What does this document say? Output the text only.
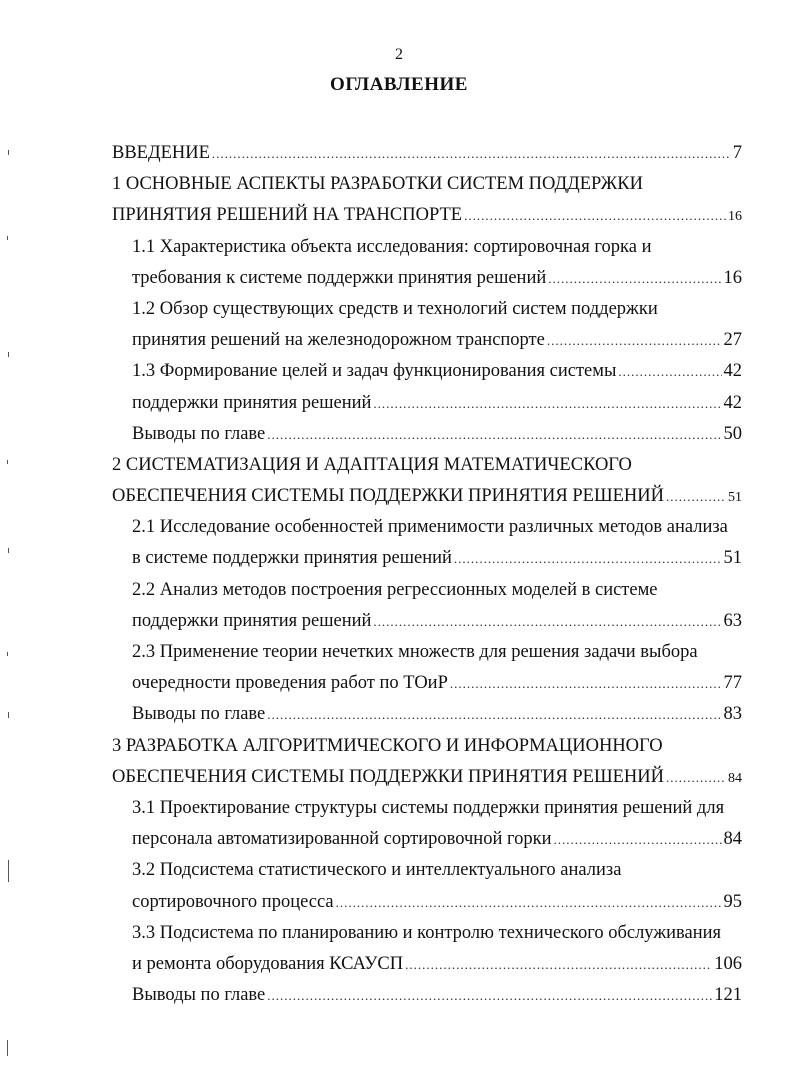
2
ОГЛАВЛЕНИЕ
ВВЕДЕНИЕ .....	7
1 ОСНОВНЫЕ АСПЕКТЫ РАЗРАБОТКИ СИСТЕМ ПОДДЕРЖКИ
ПРИНЯТИЯ РЕШЕНИЙ НА ТРАНСПОРТЕ .....	16
1.1 Характеристика объекта исследования: сортировочная горка и
требования к системе поддержки принятия решений .....	16
1.2 Обзор существующих средств и технологий систем поддержки
принятия решений на железнодорожном транспорте .....	27
1.3 Формирование целей и задач функционирования системы .....	42
поддержки принятия решений .....	42
Выводы по главе .....	50
2 СИСТЕМАТИЗАЦИЯ И АДАПТАЦИЯ МАТЕМАТИЧЕСКОГО
ОБЕСПЕЧЕНИЯ СИСТЕМЫ ПОДДЕРЖКИ ПРИНЯТИЯ РЕШЕНИЙ .....	51
2.1 Исследование особенностей применимости различных методов анализа
в системе поддержки принятия решений .....	51
2.2 Анализ методов построения регрессионных моделей в системе
поддержки принятия решений .....	63
2.3 Применение теории нечетких множеств для решения задачи выбора
очередности проведения работ по ТОиР .....	77
Выводы по главе .....	83
3 РАЗРАБОТКА АЛГОРИТМИЧЕСКОГО И ИНФОРМАЦИОННОГО
ОБЕСПЕЧЕНИЯ СИСТЕМЫ ПОДДЕРЖКИ ПРИНЯТИЯ РЕШЕНИЙ .....	84
3.1 Проектирование структуры системы поддержки принятия решений для
персонала автоматизированной сортировочной горки .....	84
3.2 Подсистема статистического и интеллектуального анализа
сортировочного процесса .....	95
3.3 Подсистема по планированию и контролю технического обслуживания
и ремонта оборудования КСАУСП .....	106
Выводы по главе .....	121
